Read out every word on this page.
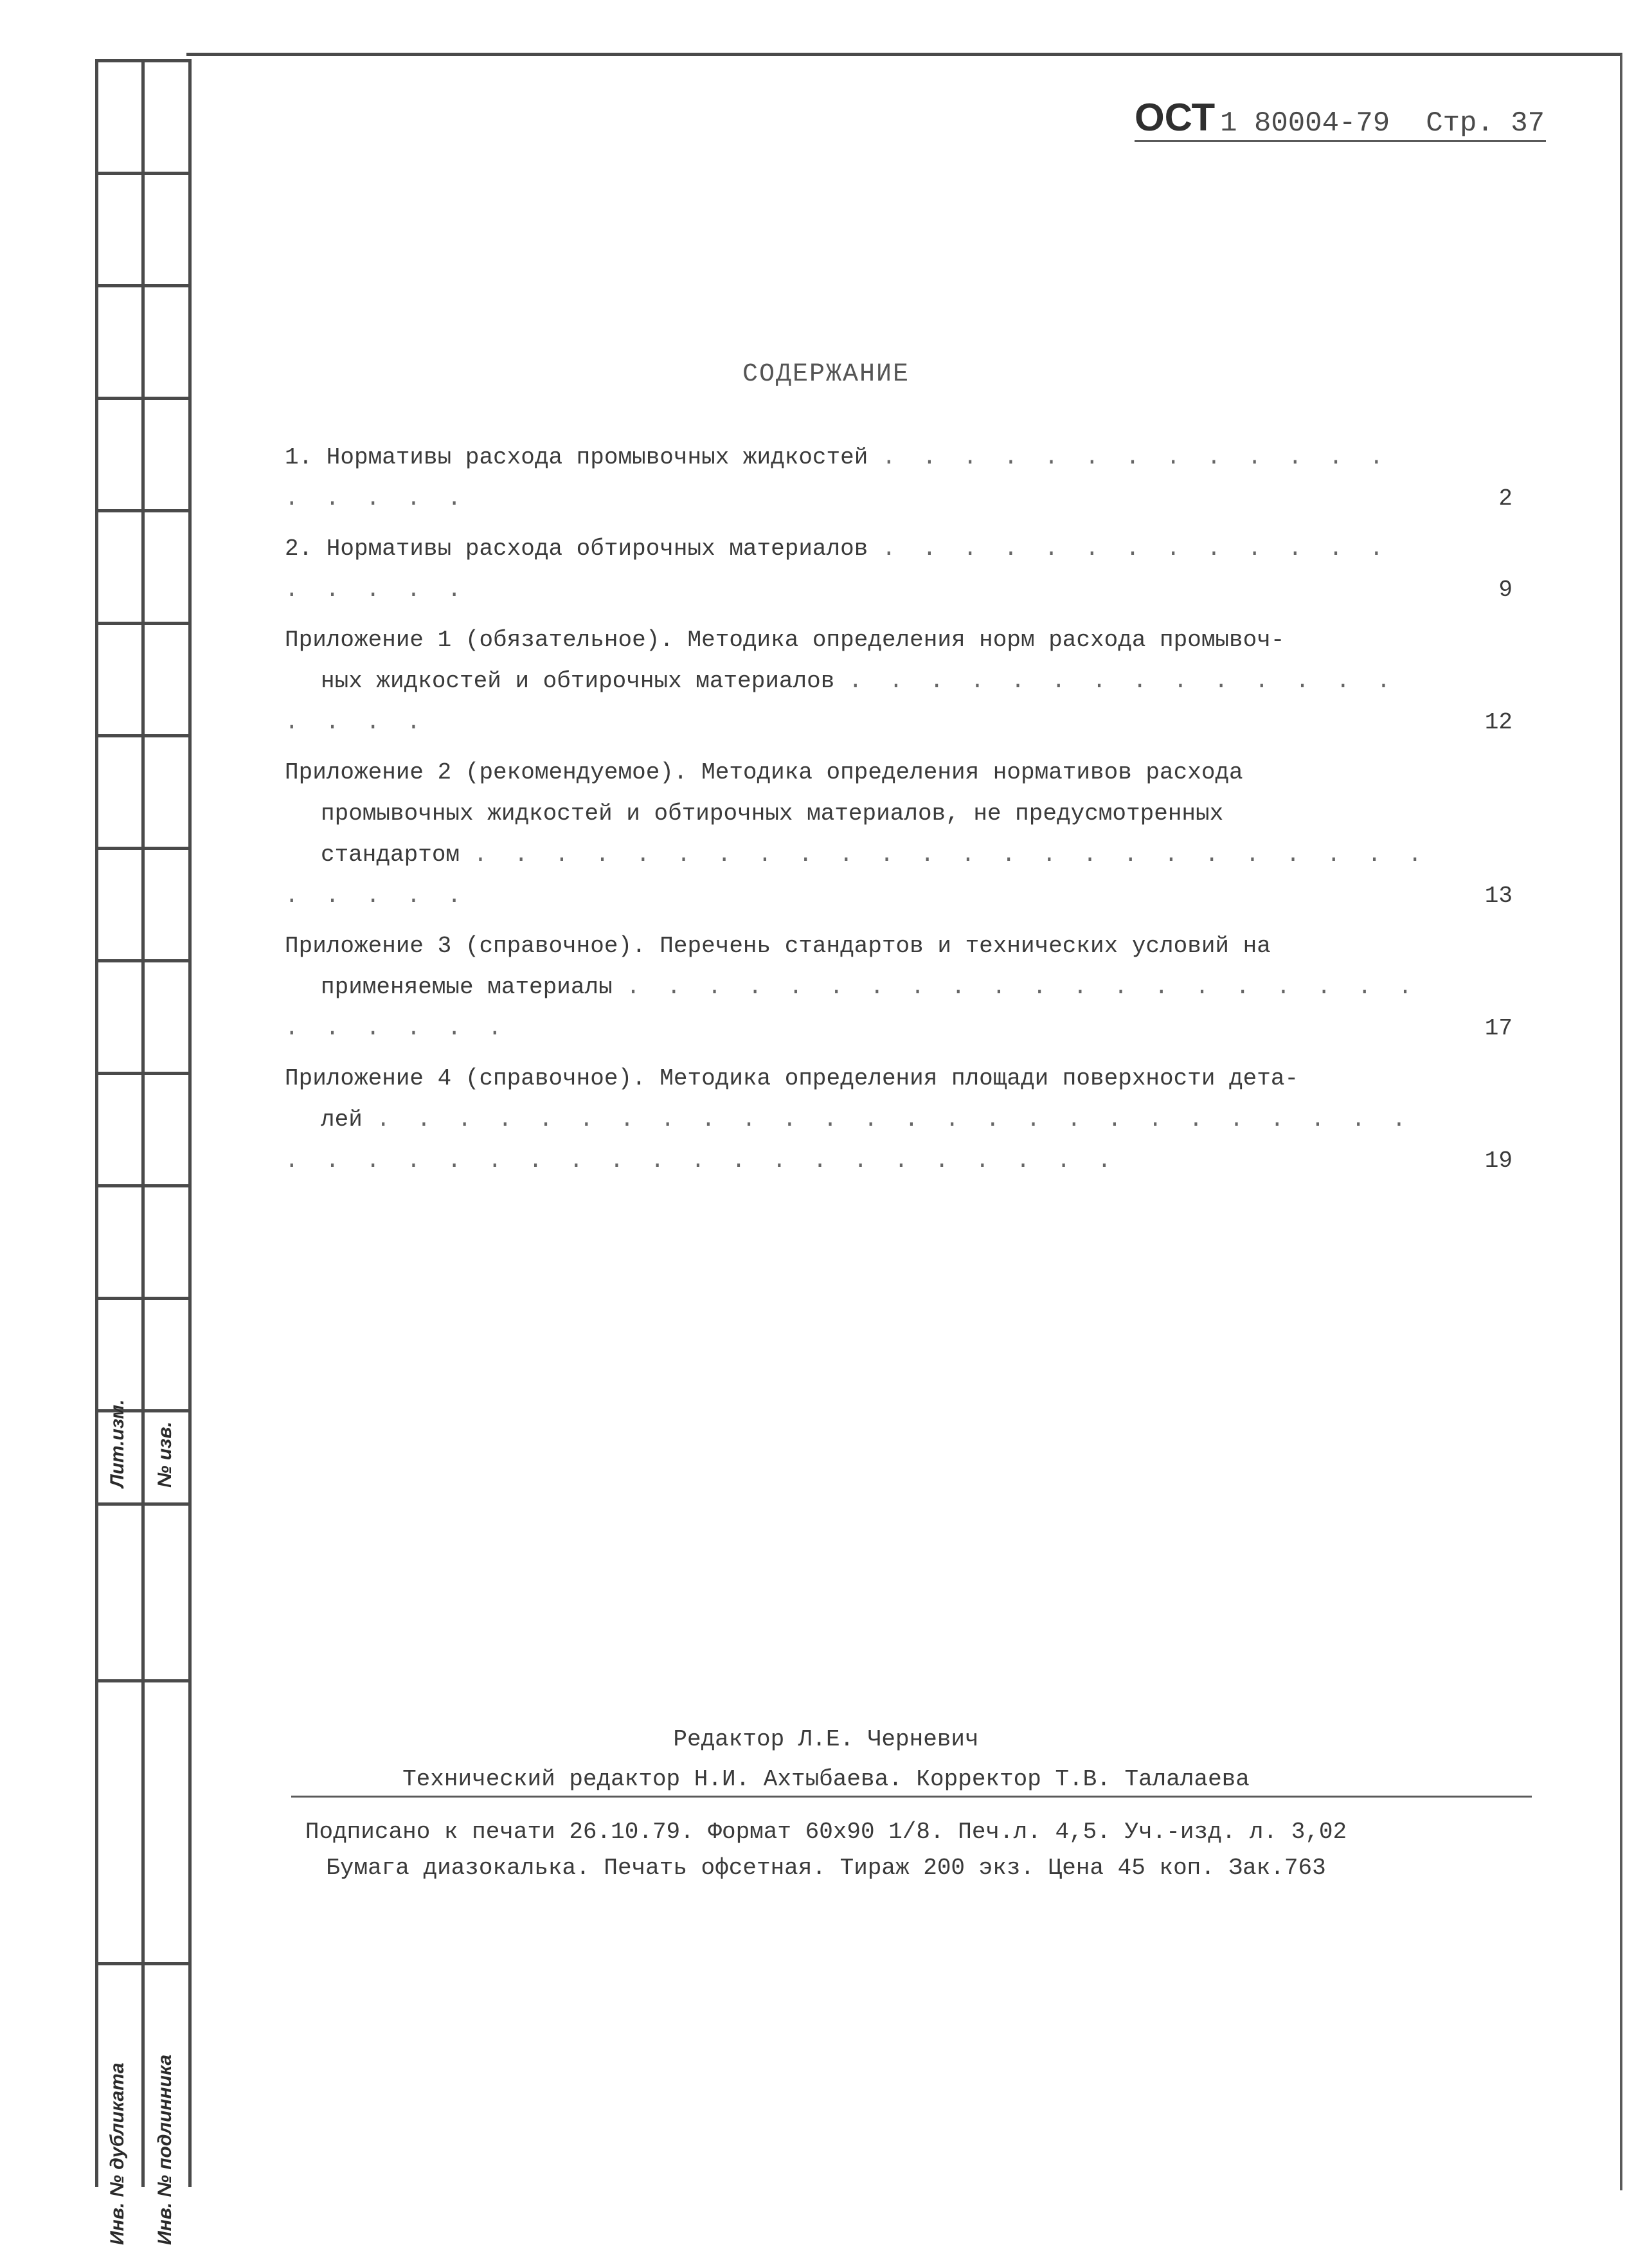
Лит.изм. № изв.
Инв. № дубликата Инв. № подлинника
ОСТ 1 80004-79 Стр. 37
СОДЕРЖАНИЕ
1. Нормативы расхода промывочных жидкостей . . . . . . . . . . . . . . . . . .	2
2. Нормативы расхода обтирочных материалов . . . . . . . . . . . . . . . . . .	9
Приложение 1 (обязательное). Методика определения норм расхода промывоч-
ных жидкостей и обтирочных материалов . . . . . . . . . . . . . . . . . .	12
Приложение 2 (рекомендуемое). Методика определения нормативов расхода
промывочных жидкостей и обтирочных материалов, не предусмотренных
стандартом . . . . . . . . . . . . . . . . . . . . . . . . . . . . .	13
Приложение 3 (справочное). Перечень стандартов и технических условий на
применяемые материалы . . . . . . . . . . . . . . . . . . . . . . . . . .	17
Приложение 4 (справочное). Методика определения площади поверхности дета-
лей . . . . . . . . . . . . . . . . . . . . . . . . . . . . . . . . . . . . . . . . . . . . . . .	19
Редактор Л.Е. Черневич
Технический редактор Н.И. Ахтыбаева. Корректор Т.В. Талалаева
Подписано к печати 26.10.79. Формат 60х90 1/8. Печ.л. 4,5. Уч.-изд. л. 3,02
Бумага диазокалька. Печать офсетная. Тираж 200 экз. Цена 45 коп. Зак.763
